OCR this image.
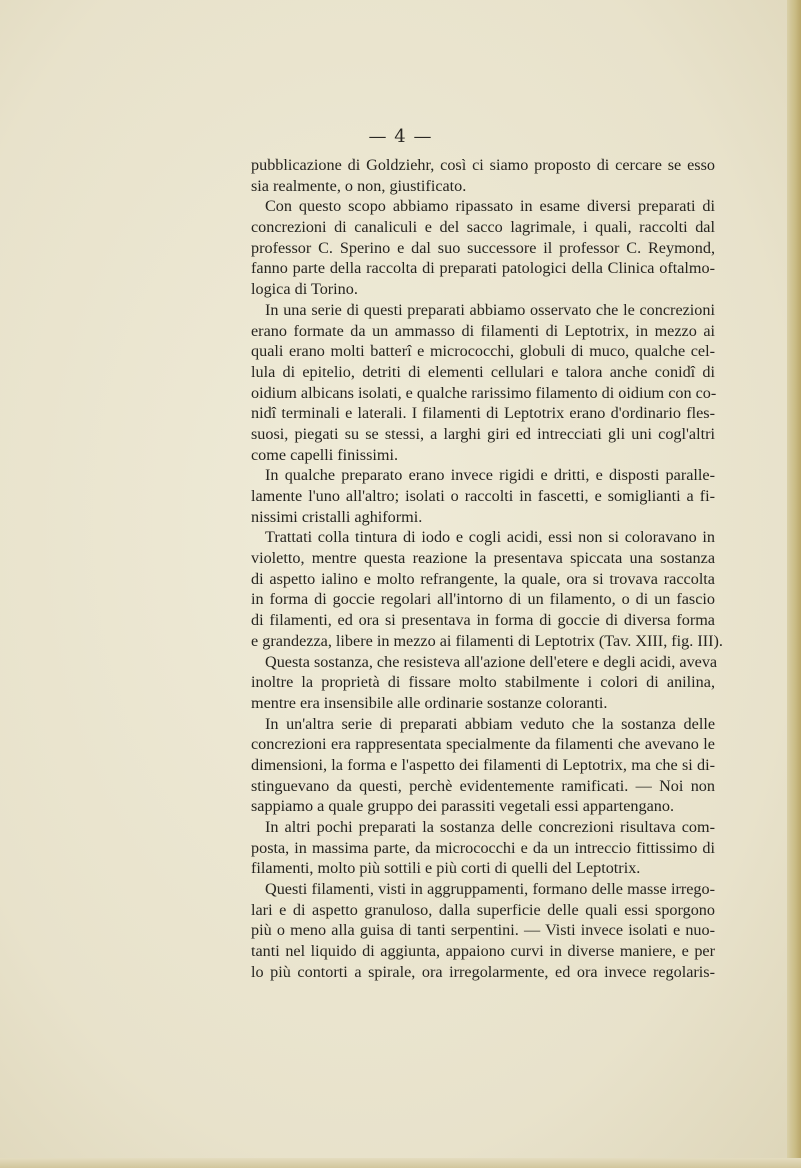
— 4 —
pubblicazione di Goldziehr, così ci siamo proposto di cercare se esso
sia realmente, o non, giustificato.
Con questo scopo abbiamo ripassato in esame diversi preparati di
concrezioni di canaliculi e del sacco lagrimale, i quali, raccolti dal
professor C. Sperino e dal suo successore il professor C. Reymond,
fanno parte della raccolta di preparati patologici della Clinica oftalmo-
logica di Torino.
In una serie di questi preparati abbiamo osservato che le concrezioni
erano formate da un ammasso di filamenti di Leptotrix, in mezzo ai
quali erano molti batterî e micrococchi, globuli di muco, qualche cel-
lula di epitelio, detriti di elementi cellulari e talora anche conidî di
oidium albicans isolati, e qualche rarissimo filamento di oidium con co-
nidî terminali e laterali. I filamenti di Leptotrix erano d'ordinario fles-
suosi, piegati su se stessi, a larghi giri ed intrecciati gli uni cogl'altri
come capelli finissimi.
In qualche preparato erano invece rigidi e dritti, e disposti paralle-
lamente l'uno all'altro; isolati o raccolti in fascetti, e somiglianti a fi-
nissimi cristalli aghiformi.
Trattati colla tintura di iodo e cogli acidi, essi non si coloravano in
violetto, mentre questa reazione la presentava spiccata una sostanza
di aspetto ialino e molto refrangente, la quale, ora si trovava raccolta
in forma di goccie regolari all'intorno di un filamento, o di un fascio
di filamenti, ed ora si presentava in forma di goccie di diversa forma
e grandezza, libere in mezzo ai filamenti di Leptotrix (Tav. XIII, fig. III).
Questa sostanza, che resisteva all'azione dell'etere e degli acidi, aveva
inoltre la proprietà di fissare molto stabilmente i colori di anilina,
mentre era insensibile alle ordinarie sostanze coloranti.
In un'altra serie di preparati abbiam veduto che la sostanza delle
concrezioni era rappresentata specialmente da filamenti che avevano le
dimensioni, la forma e l'aspetto dei filamenti di Leptotrix, ma che si di-
stinguevano da questi, perchè evidentemente ramificati. — Noi non
sappiamo a quale gruppo dei parassiti vegetali essi appartengano.
In altri pochi preparati la sostanza delle concrezioni risultava com-
posta, in massima parte, da micrococchi e da un intreccio fittissimo di
filamenti, molto più sottili e più corti di quelli del Leptotrix.
Questi filamenti, visti in aggruppamenti, formano delle masse irrego-
lari e di aspetto granuloso, dalla superficie delle quali essi sporgono
più o meno alla guisa di tanti serpentini. — Visti invece isolati e nuo-
tanti nel liquido di aggiunta, appaiono curvi in diverse maniere, e per
lo più contorti a spirale, ora irregolarmente, ed ora invece regolaris-
